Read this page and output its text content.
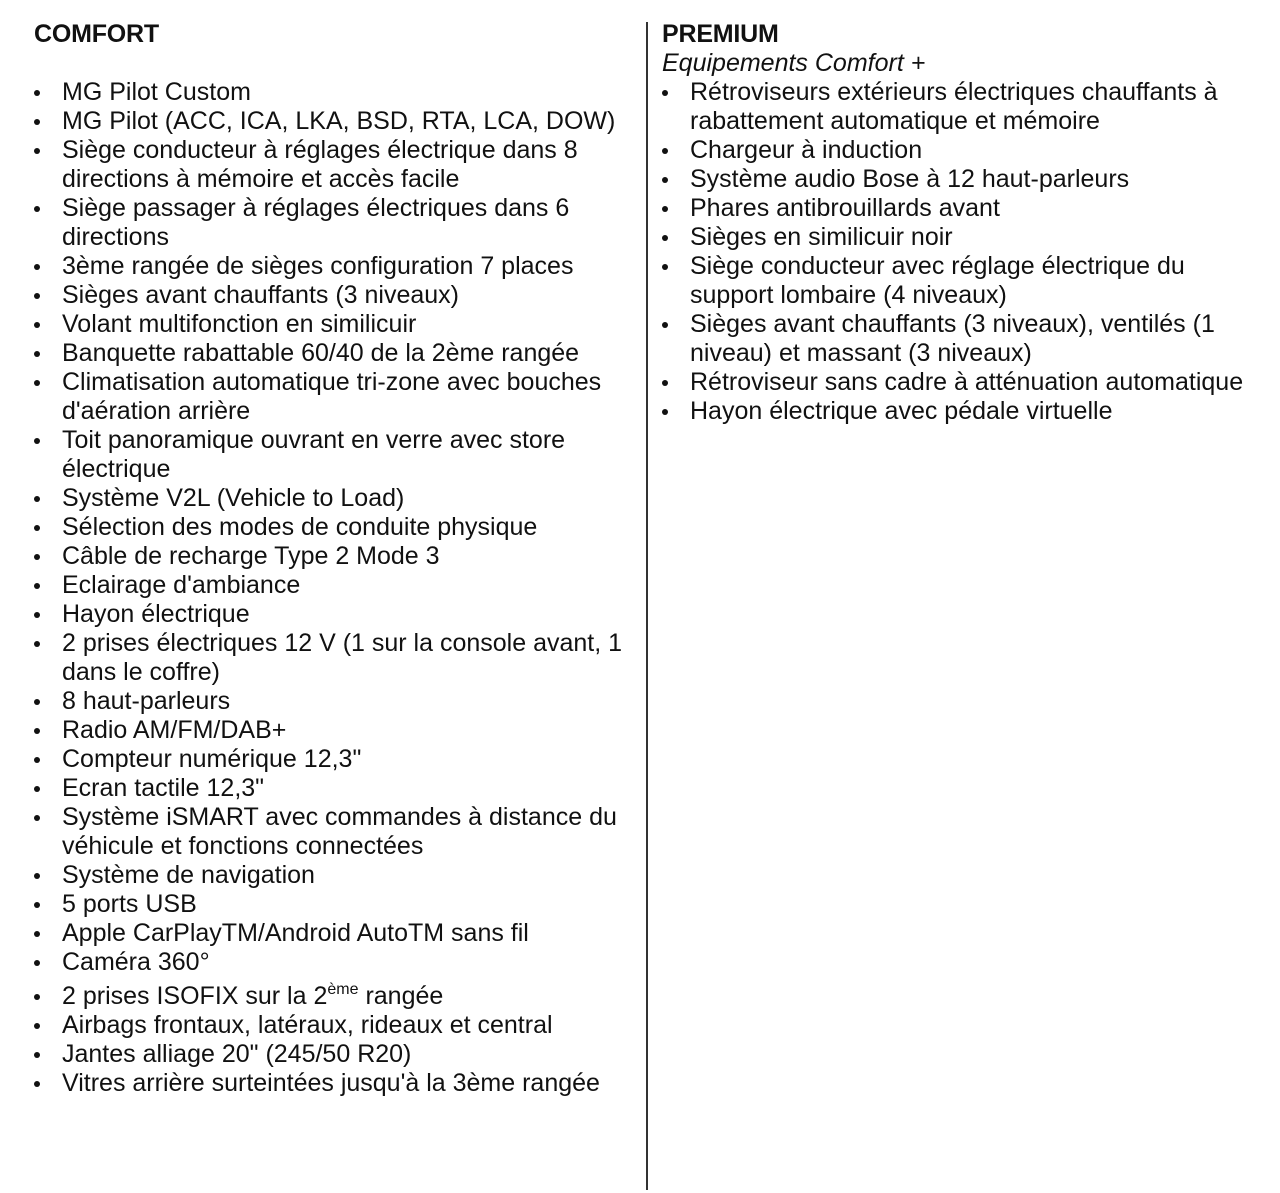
COMFORT
MG Pilot Custom
MG Pilot (ACC, ICA, LKA, BSD, RTA, LCA, DOW)
Siège conducteur à réglages électrique dans 8 directions à mémoire et accès facile
Siège passager à réglages électriques dans 6 directions
3ème rangée de sièges configuration 7 places
Sièges avant chauffants (3 niveaux)
Volant multifonction en similicuir
Banquette rabattable 60/40 de la 2ème rangée
Climatisation automatique tri-zone avec bouches d'aération arrière
Toit panoramique ouvrant en verre avec store électrique
Système V2L (Vehicle to Load)
Sélection des modes de conduite physique
Câble de recharge Type 2 Mode 3
Eclairage d'ambiance
Hayon électrique
2 prises électriques 12 V (1 sur la console avant, 1 dans le coffre)
8 haut-parleurs
Radio AM/FM/DAB+
Compteur numérique 12,3"
Ecran tactile 12,3"
Système iSMART avec commandes à distance du véhicule et fonctions connectées
Système de navigation
5 ports USB
Apple CarPlayTM/Android AutoTM sans fil
Caméra 360°
2 prises ISOFIX sur la 2ème rangée
Airbags frontaux, latéraux, rideaux et central
Jantes alliage 20" (245/50 R20)
Vitres arrière surteintées jusqu'à la 3ème rangée
PREMIUM

Equipements Comfort +

Rétroviseurs extérieurs électriques chauffants à rabattement automatique et mémoire
Chargeur à induction
Système audio Bose à 12 haut-parleurs
Phares antibrouillards avant
Sièges en similicuir noir
Siège conducteur avec réglage électrique du support lombaire (4 niveaux)
Sièges avant chauffants (3 niveaux), ventilés (1 niveau) et massant (3 niveaux)
Rétroviseur sans cadre à atténuation automatique
Hayon électrique avec pédale virtuelle
